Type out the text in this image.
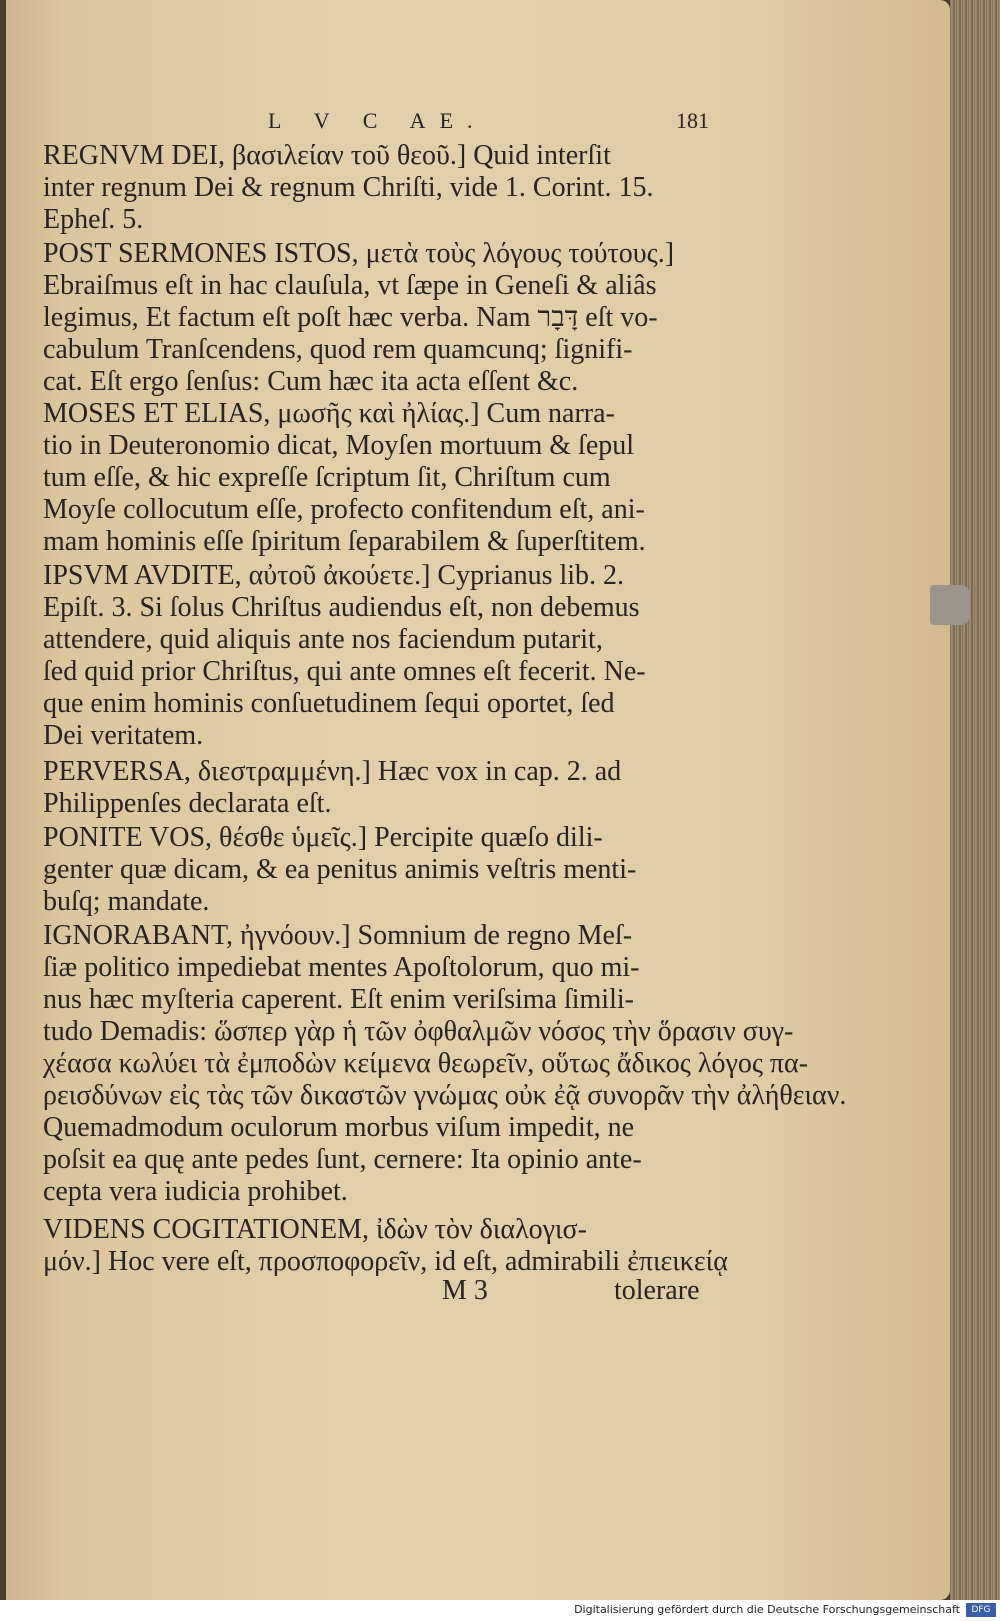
L V C AE.	181
REGNVM DEI, βασιλείαν τοῦ θεοῦ.] Quid interſit
inter regnum Dei & regnum Chriſti, vide 1. Corint. 15.
Epheſ. 5.
POST SERMONES ISTOS, μετὰ τοὺς λόγους τούτους.]
Ebraiſmus eſt in hac clauſula, vt ſæpe in Geneſi & aliâs
legimus, Et factum eſt poſt hæc verba. Nam דָּבָר eſt vo-
cabulum Tranſcendens, quod rem quamcunq; ſignifi-
cat. Eſt ergo ſenſus: Cum hæc ita acta eſſent &c.
MOSES ET ELIAS, μωσῆς καὶ ἠλίας.] Cum narra-
tio in Deuteronomio dicat, Moyſen mortuum & ſepul
tum eſſe, & hic expreſſe ſcriptum ſit, Chriſtum cum
Moyſe collocutum eſſe, profecto confitendum eſt, ani-
mam hominis eſſe ſpiritum ſeparabilem & ſuperſtitem.
IPSVM AVDITE, αὐτοῦ ἀκούετε.] Cyprianus lib. 2.
Epiſt. 3. Si ſolus Chriſtus audiendus eſt, non debemus
attendere, quid aliquis ante nos faciendum putarit,
ſed quid prior Chriſtus, qui ante omnes eſt fecerit. Ne-
que enim hominis conſuetudinem ſequi oportet, ſed
Dei veritatem.
PERVERSA, διεστραμμένη.] Hæc vox in cap. 2. ad
Philippenſes declarata eſt.
PONITE VOS, θέσθε ὑμεῖς.] Percipite quæſo dili-
genter quæ dicam, & ea penitus animis veſtris menti-
buſq; mandate.
IGNORABANT, ἠγνόουν.] Somnium de regno Meſ-
ſiæ politico impediebat mentes Apoſtolorum, quo mi-
nus hæc myſteria caperent. Eſt enim veriſsima ſimili-
tudo Demadis: ὥσπερ γὰρ ἡ τῶν ὀφθαλμῶν νόσος τὴν ὅρασιν συγ-
χέασα κωλύει τὰ ἐμποδὼν κείμενα θεωρεῖν, οὕτως ἄδικος λόγος πα-
ρεισδύνων εἰς τὰς τῶν δικαστῶν γνώμας οὐκ ἐᾷ συνορᾶν τὴν ἀλήθειαν.
Quemadmodum oculorum morbus viſum impedit, ne
poſsit ea quę ante pedes ſunt, cernere: Ita opinio ante-
cepta vera iudicia prohibet.
VIDENS COGITATIONEM, ἰδὼν τὸν διαλογισ-
μόν.] Hoc vere eſt, προσποφορεῖν, id eſt, admirabili ἐπιεικείᾳ
M 3	tolerare
Digitalisierung gefördert durch die Deutsche Forschungsgemeinschaft	DFG
